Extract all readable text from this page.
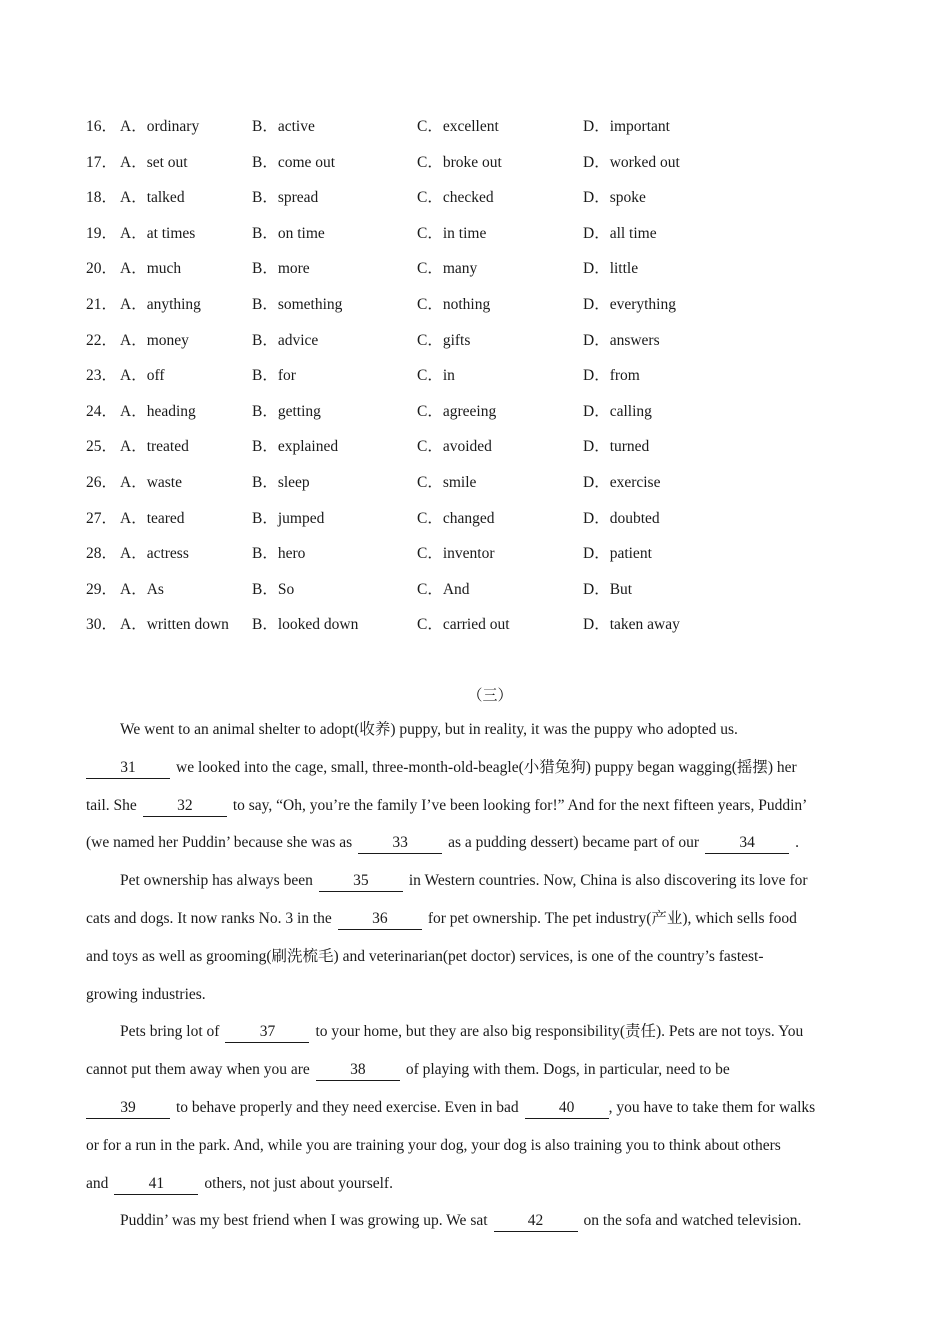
16． A．ordinary	B．active	C．excellent	D．important
17． A．set out	B．come out	C．broke out	D．worked out
18． A．talked	B．spread	C．checked	D．spoke
19． A．at times	B．on time	C．in time	D．all time
20． A．much	B．more	C．many	D．little
21． A．anything	B．something	C．nothing	D．everything
22． A．money	B．advice	C．gifts	D．answers
23． A．off	B．for	C．in	D．from
24． A．heading	B．getting	C．agreeing	D．calling
25． A．treated	B．explained	C．avoided	D．turned
26． A．waste	B．sleep	C．smile	D．exercise
27． A．teared	B．jumped	C．changed	D．doubted
28． A．actress	B．hero	C．inventor	D．patient
29． A．As	B．So	C．And	D．But
30． A．written down B．looked down	C．carried out	D．taken away
（三）
We went to an animal shelter to adopt(收养) puppy, but in reality, it was the puppy who adopted us.
31	we looked into the cage, small, three-month-old-beagle(小猎兔狗) puppy began wagging(摇摆) her
tail. She	32	to say, “Oh, you’re the family I’ve been looking for!” And for the next fifteen years, Puddin’
(we named her Puddin’ because she was as	33	as a pudding dessert) became part of our	34	.
Pet ownership has always been	35	in Western countries. Now, China is also discovering its love for
cats and dogs. It now ranks No. 3 in the	36	for pet ownership. The pet industry(产业), which sells food
and toys as well as grooming(刷洗梳毛) and veterinarian(pet doctor) services, is one of the country’s fastest-
growing industries.
Pets bring lot of	37	to your home, but they are also big responsibility(责任). Pets are not toys. You
cannot put them away when you are	38	of playing with them. Dogs, in particular, need to be
39	to behave properly and they need exercise. Even in bad	40 , you have to take them for walks
or for a run in the park. And, while you are training your dog, your dog is also training you to think about others
and	41	others, not just about yourself.
Puddin’ was my best friend when I was growing up. We sat	42	on the sofa and watched television.
